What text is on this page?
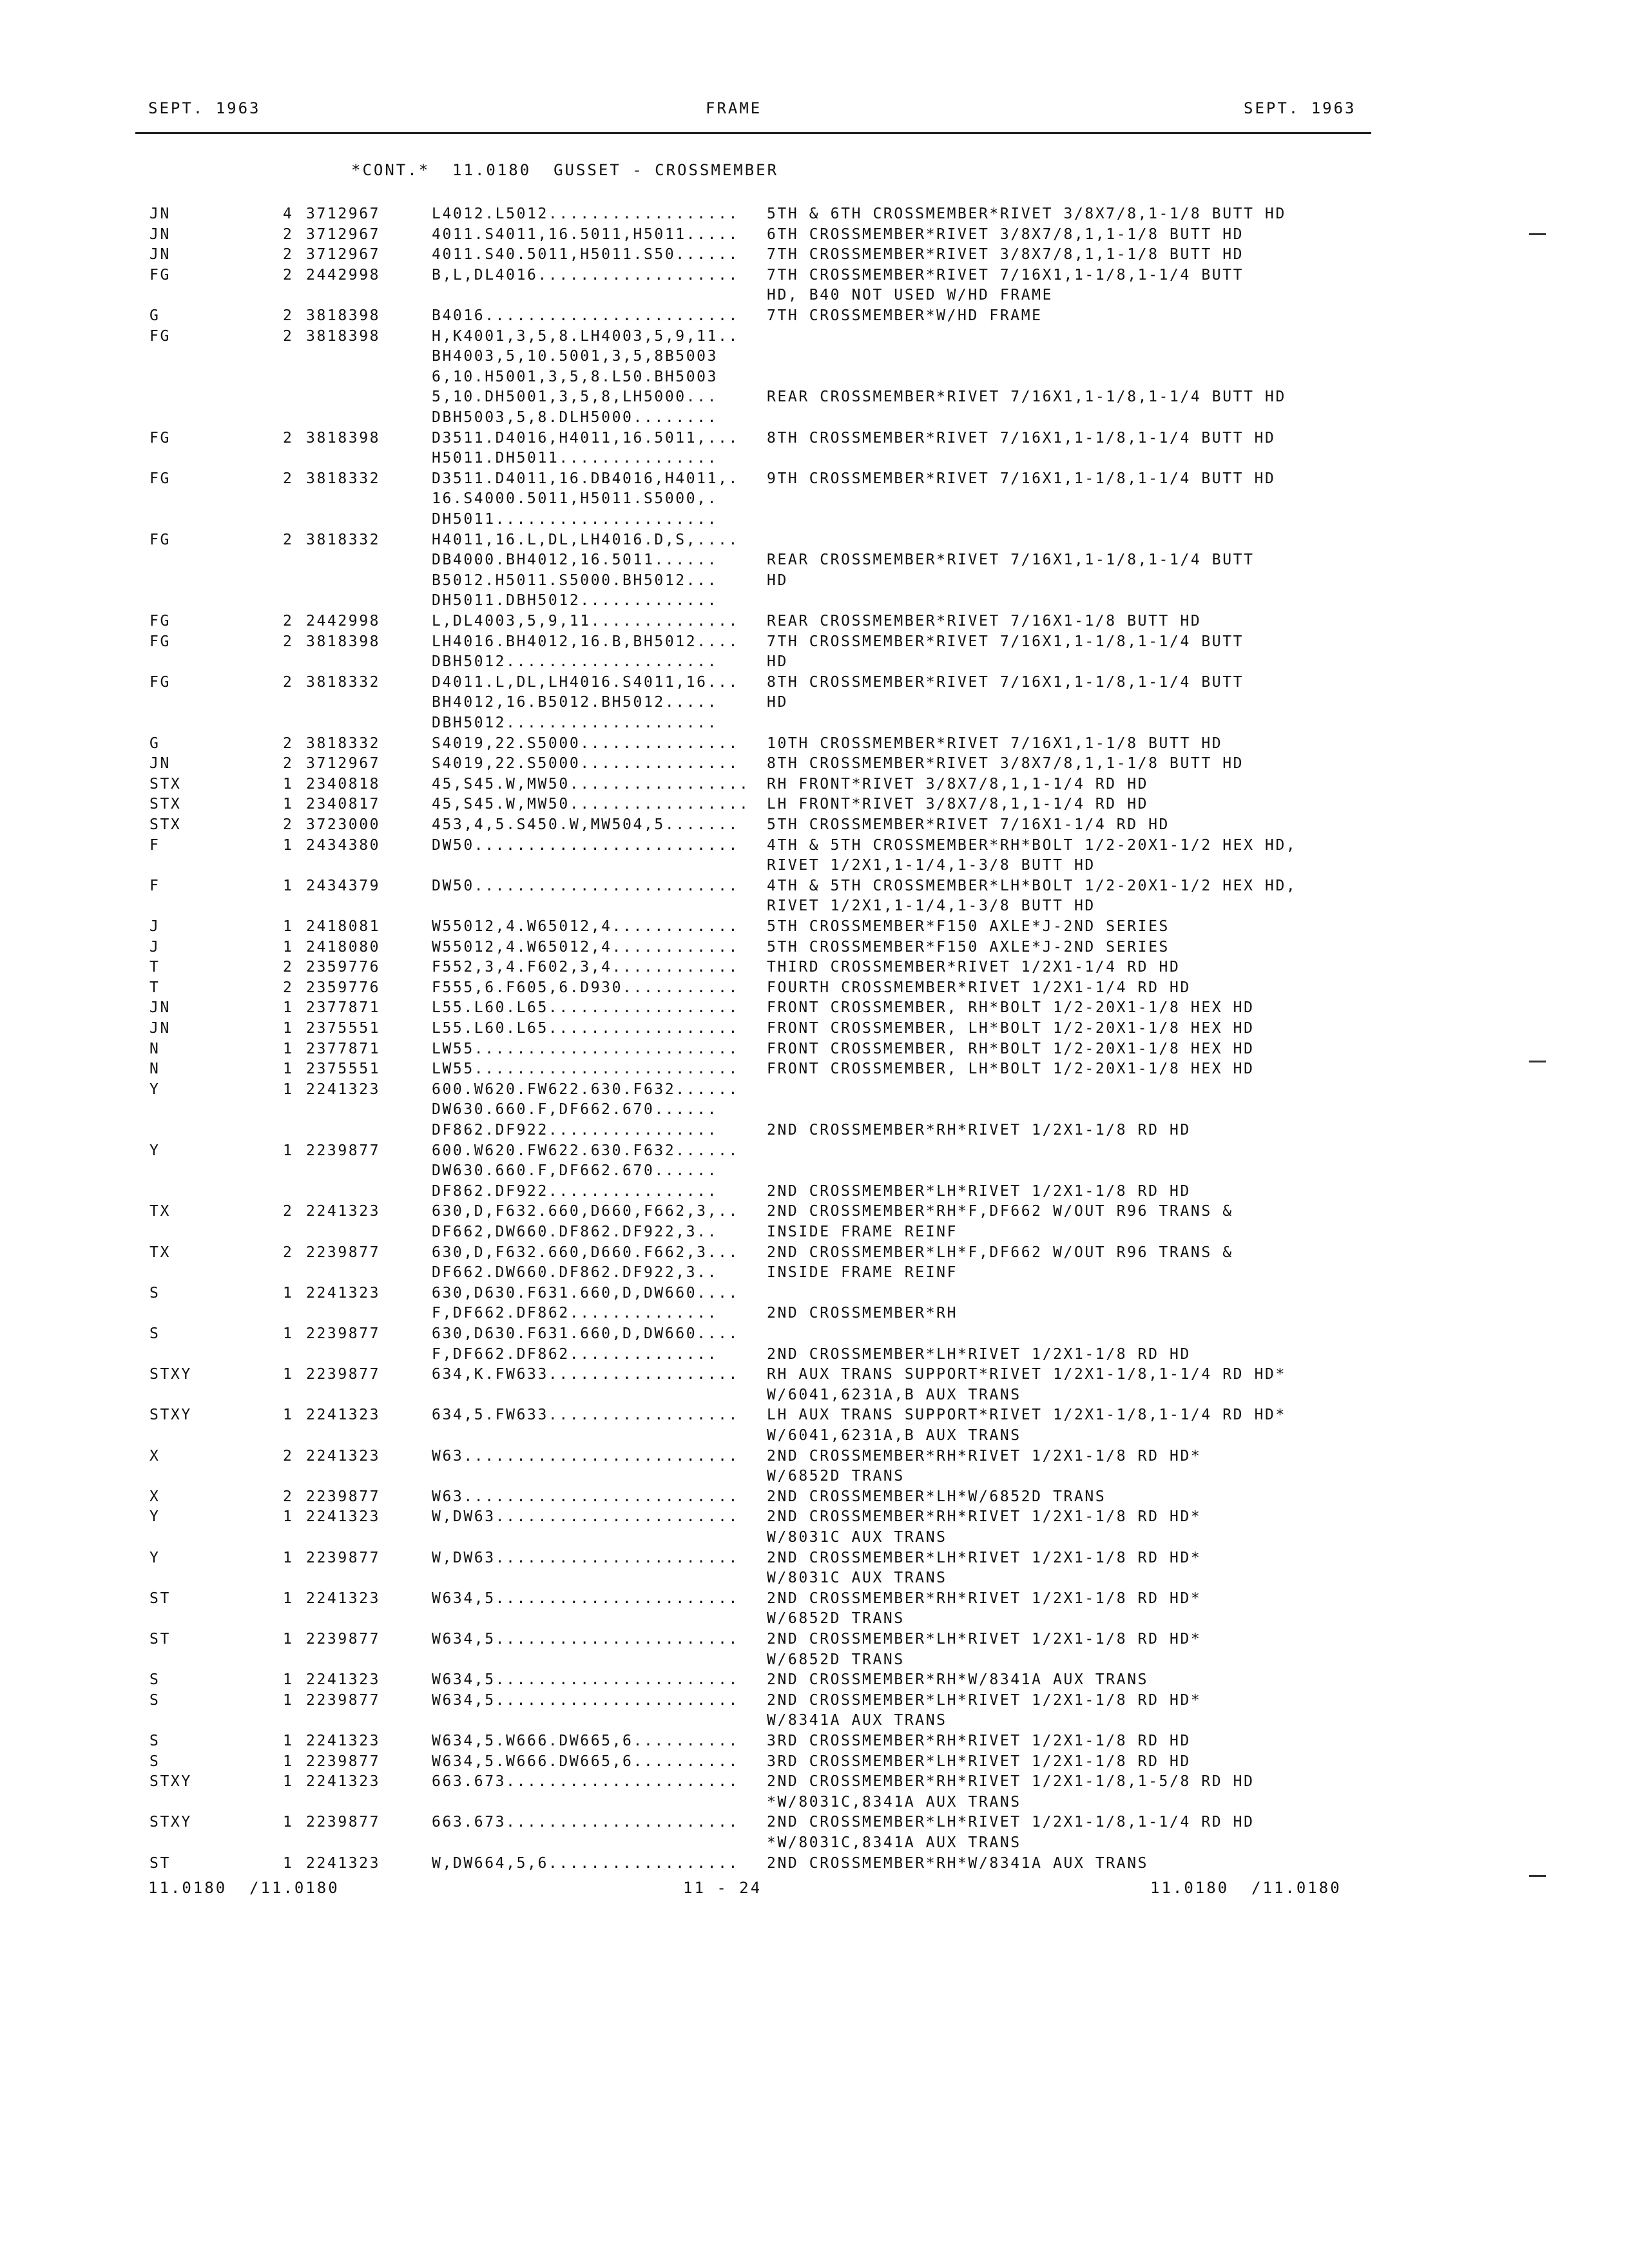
SEPT. 1963	FRAME	SEPT. 1963
*CONT.*  11.0180  GUSSET - CROSSMEMBER
JN	4 3712967	L4012.L5012.................. 5TH & 6TH CROSSMEMBER*RIVET 3/8X7/8,1-1/8 BUTT HD
JN	2 3712967	4011.S4011,16.5011,H5011..... 6TH CROSSMEMBER*RIVET 3/8X7/8,1,1-1/8 BUTT HD
JN	2 3712967	4011.S40.5011,H5011.S50...... 7TH CROSSMEMBER*RIVET 3/8X7/8,1,1-1/8 BUTT HD
FG	2 2442998	B,L,DL4016................... 7TH CROSSMEMBER*RIVET 7/16X1,1-1/8,1-1/4 BUTT
HD, B40 NOT USED W/HD FRAME
G	2 3818398	B4016........................ 7TH CROSSMEMBER*W/HD FRAME
FG	2 3818398	H,K4001,3,5,8.LH4003,5,9,11..
BH4003,5,10.5001,3,5,8B5003
6,10.H5001,3,5,8.L50.BH5003
5,10.DH5001,3,5,8,LH5000...	REAR CROSSMEMBER*RIVET 7/16X1,1-1/8,1-1/4 BUTT HD
DBH5003,5,8.DLH5000........
FG	2 3818398	D3511.D4016,H4011,16.5011,... 8TH CROSSMEMBER*RIVET 7/16X1,1-1/8,1-1/4 BUTT HD
H5011.DH5011...............
FG	2 3818332	D3511.D4011,16.DB4016,H4011,. 9TH CROSSMEMBER*RIVET 7/16X1,1-1/8,1-1/4 BUTT HD
16.S4000.5011,H5011.S5000,.
DH5011.....................
FG	2 3818332	H4011,16.L,DL,LH4016.D,S,....
DB4000.BH4012,16.5011......	REAR CROSSMEMBER*RIVET 7/16X1,1-1/8,1-1/4 BUTT
B5012.H5011.S5000.BH5012...	HD
DH5011.DBH5012.............
FG	2 2442998	L,DL4003,5,9,11.............. REAR CROSSMEMBER*RIVET 7/16X1-1/8 BUTT HD
FG	2 3818398	LH4016.BH4012,16.B,BH5012.... 7TH CROSSMEMBER*RIVET 7/16X1,1-1/8,1-1/4 BUTT
DBH5012....................	HD
FG	2 3818332	D4011.L,DL,LH4016.S4011,16... 8TH CROSSMEMBER*RIVET 7/16X1,1-1/8,1-1/4 BUTT
BH4012,16.B5012.BH5012.....	HD
DBH5012....................
G	2 3818332	S4019,22.S5000............... 10TH CROSSMEMBER*RIVET 7/16X1,1-1/8 BUTT HD
JN	2 3712967	S4019,22.S5000............... 8TH CROSSMEMBER*RIVET 3/8X7/8,1,1-1/8 BUTT HD
STX	1 2340818	45,S45.W,MW50................. RH FRONT*RIVET 3/8X7/8,1,1-1/4 RD HD
STX	1 2340817	45,S45.W,MW50................. LH FRONT*RIVET 3/8X7/8,1,1-1/4 RD HD
STX	2 3723000	453,4,5.S450.W,MW504,5....... 5TH CROSSMEMBER*RIVET 7/16X1-1/4 RD HD
F	1 2434380	DW50......................... 4TH & 5TH CROSSMEMBER*RH*BOLT 1/2-20X1-1/2 HEX HD,
RIVET 1/2X1,1-1/4,1-3/8 BUTT HD
F	1 2434379	DW50......................... 4TH & 5TH CROSSMEMBER*LH*BOLT 1/2-20X1-1/2 HEX HD,
RIVET 1/2X1,1-1/4,1-3/8 BUTT HD
J	1 2418081	W55012,4.W65012,4............ 5TH CROSSMEMBER*F150 AXLE*J-2ND SERIES
J	1 2418080	W55012,4.W65012,4............ 5TH CROSSMEMBER*F150 AXLE*J-2ND SERIES
T	2 2359776	F552,3,4.F602,3,4............ THIRD CROSSMEMBER*RIVET 1/2X1-1/4 RD HD
T	2 2359776	F555,6.F605,6.D930........... FOURTH CROSSMEMBER*RIVET 1/2X1-1/4 RD HD
JN	1 2377871	L55.L60.L65.................. FRONT CROSSMEMBER, RH*BOLT 1/2-20X1-1/8 HEX HD
JN	1 2375551	L55.L60.L65.................. FRONT CROSSMEMBER, LH*BOLT 1/2-20X1-1/8 HEX HD
N	1 2377871	LW55......................... FRONT CROSSMEMBER, RH*BOLT 1/2-20X1-1/8 HEX HD
N	1 2375551	LW55......................... FRONT CROSSMEMBER, LH*BOLT 1/2-20X1-1/8 HEX HD
Y	1 2241323	600.W620.FW622.630.F632......
DW630.660.F,DF662.670......
DF862.DF922................	2ND CROSSMEMBER*RH*RIVET 1/2X1-1/8 RD HD
Y	1 2239877	600.W620.FW622.630.F632......
DW630.660.F,DF662.670......
DF862.DF922................	2ND CROSSMEMBER*LH*RIVET 1/2X1-1/8 RD HD
TX	2 2241323	630,D,F632.660,D660,F662,3,.. 2ND CROSSMEMBER*RH*F,DF662 W/OUT R96 TRANS &
DF662,DW660.DF862.DF922,3..	INSIDE FRAME REINF
TX	2 2239877	630,D,F632.660,D660.F662,3... 2ND CROSSMEMBER*LH*F,DF662 W/OUT R96 TRANS &
DF662.DW660.DF862.DF922,3..	INSIDE FRAME REINF
S	1 2241323	630,D630.F631.660,D,DW660....
F,DF662.DF862..............	2ND CROSSMEMBER*RH
S	1 2239877	630,D630.F631.660,D,DW660....
F,DF662.DF862..............	2ND CROSSMEMBER*LH*RIVET 1/2X1-1/8 RD HD
STXY	1 2239877	634,K.FW633.................. RH AUX TRANS SUPPORT*RIVET 1/2X1-1/8,1-1/4 RD HD*
W/6041,6231A,B AUX TRANS
STXY	1 2241323	634,5.FW633.................. LH AUX TRANS SUPPORT*RIVET 1/2X1-1/8,1-1/4 RD HD*
W/6041,6231A,B AUX TRANS
X	2 2241323	W63.......................... 2ND CROSSMEMBER*RH*RIVET 1/2X1-1/8 RD HD*
W/6852D TRANS
X	2 2239877	W63.......................... 2ND CROSSMEMBER*LH*W/6852D TRANS
Y	1 2241323	W,DW63....................... 2ND CROSSMEMBER*RH*RIVET 1/2X1-1/8 RD HD*
W/8031C AUX TRANS
Y	1 2239877	W,DW63....................... 2ND CROSSMEMBER*LH*RIVET 1/2X1-1/8 RD HD*
W/8031C AUX TRANS
ST	1 2241323	W634,5....................... 2ND CROSSMEMBER*RH*RIVET 1/2X1-1/8 RD HD*
W/6852D TRANS
ST	1 2239877	W634,5....................... 2ND CROSSMEMBER*LH*RIVET 1/2X1-1/8 RD HD*
W/6852D TRANS
S	1 2241323	W634,5....................... 2ND CROSSMEMBER*RH*W/8341A AUX TRANS
S	1 2239877	W634,5....................... 2ND CROSSMEMBER*LH*RIVET 1/2X1-1/8 RD HD*
W/8341A AUX TRANS
S	1 2241323	W634,5.W666.DW665,6.......... 3RD CROSSMEMBER*RH*RIVET 1/2X1-1/8 RD HD
S	1 2239877	W634,5.W666.DW665,6.......... 3RD CROSSMEMBER*LH*RIVET 1/2X1-1/8 RD HD
STXY	1 2241323	663.673...................... 2ND CROSSMEMBER*RH*RIVET 1/2X1-1/8,1-5/8 RD HD
*W/8031C,8341A AUX TRANS
STXY	1 2239877	663.673...................... 2ND CROSSMEMBER*LH*RIVET 1/2X1-1/8,1-1/4 RD HD
*W/8031C,8341A AUX TRANS
ST	1 2241323	W,DW664,5,6.................. 2ND CROSSMEMBER*RH*W/8341A AUX TRANS
11.0180  /11.0180	11 - 24	11.0180  /11.0180
